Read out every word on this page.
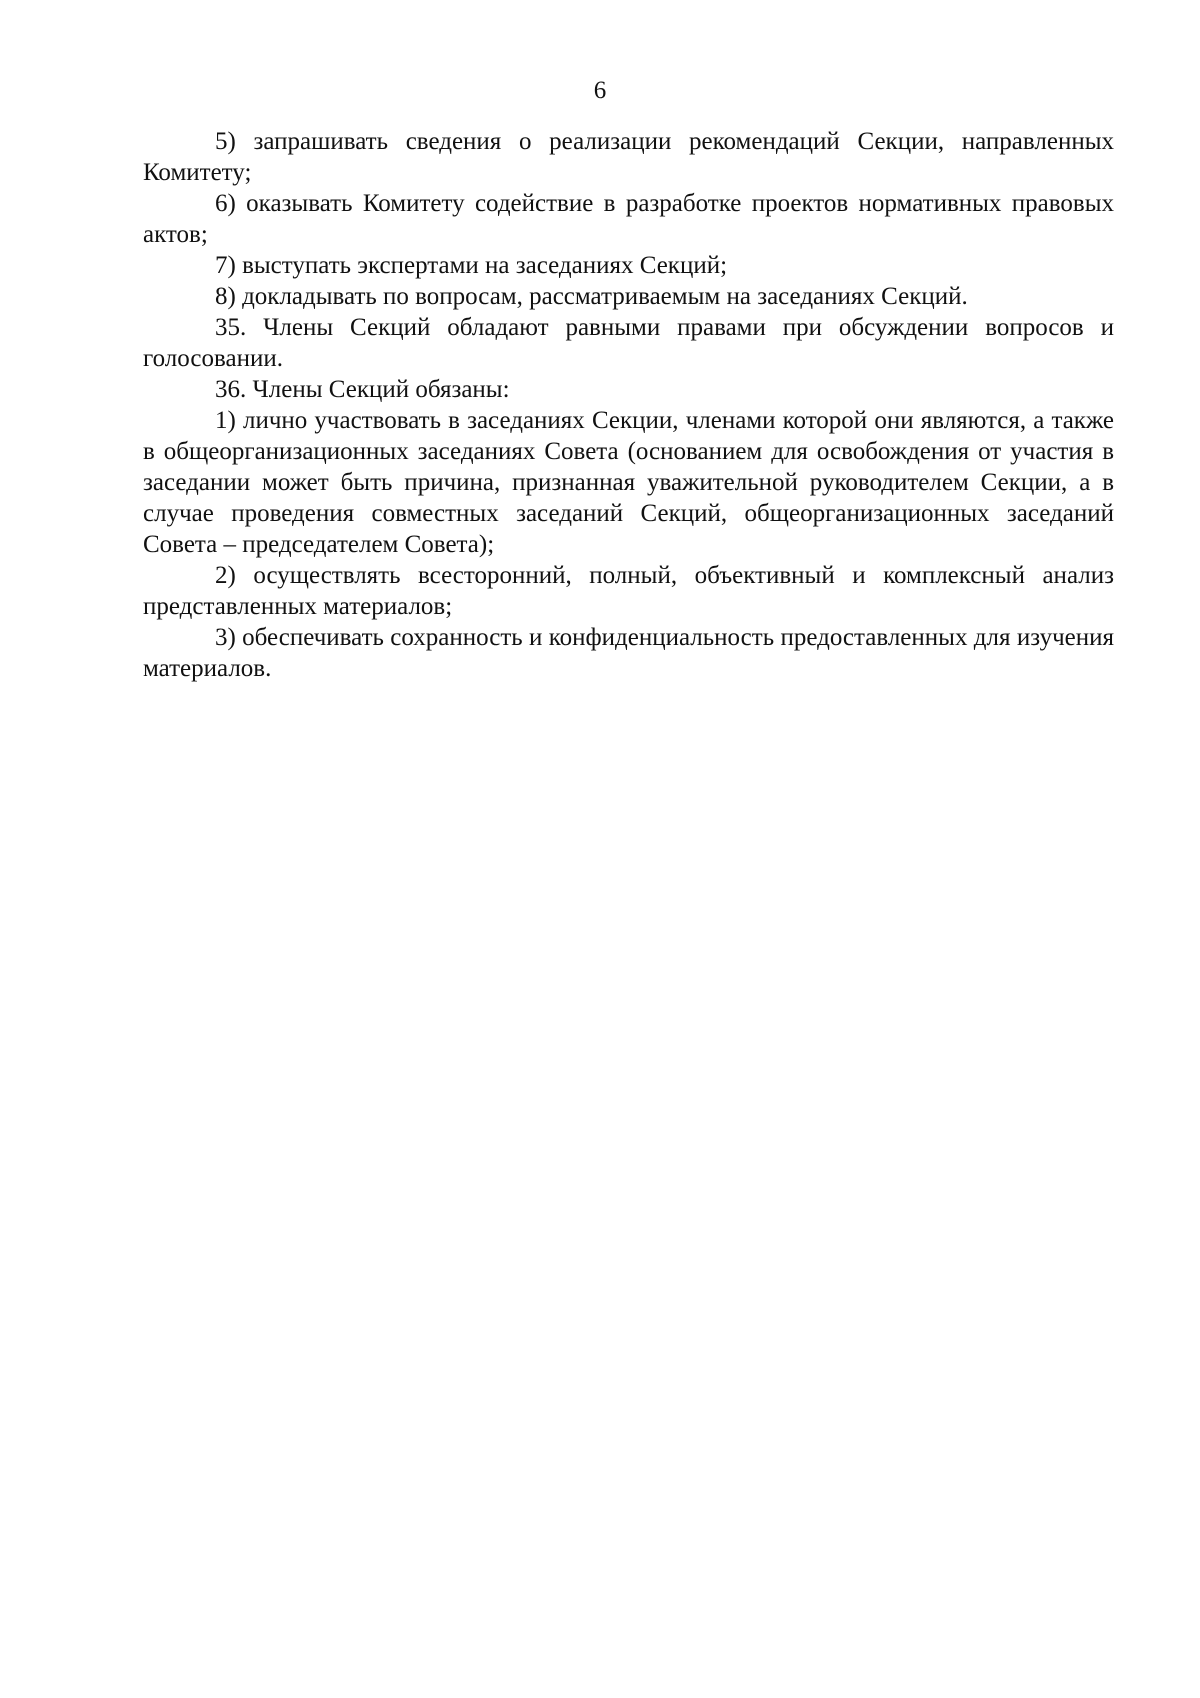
6

5) запрашивать сведения о реализации рекомендаций Секции, направленных Комитету;

6) оказывать Комитету содействие в разработке проектов нормативных правовых актов;

7) выступать экспертами на заседаниях Секций;

8) докладывать по вопросам, рассматриваемым на заседаниях Секций.

35. Члены Секций обладают равными правами при обсуждении вопросов и голосовании.

36. Члены Секций обязаны:

1) лично участвовать в заседаниях Секции, членами которой они являются, а также в общеорганизационных заседаниях Совета (основанием для освобождения от участия в заседании может быть причина, признанная уважительной руководителем Секции, а в случае проведения совместных заседаний Секций, общеорганизационных заседаний Совета – председателем Совета);

2) осуществлять всесторонний, полный, объективный и комплексный анализ представленных материалов;

3) обеспечивать сохранность и конфиденциальность предоставленных для изучения материалов.
